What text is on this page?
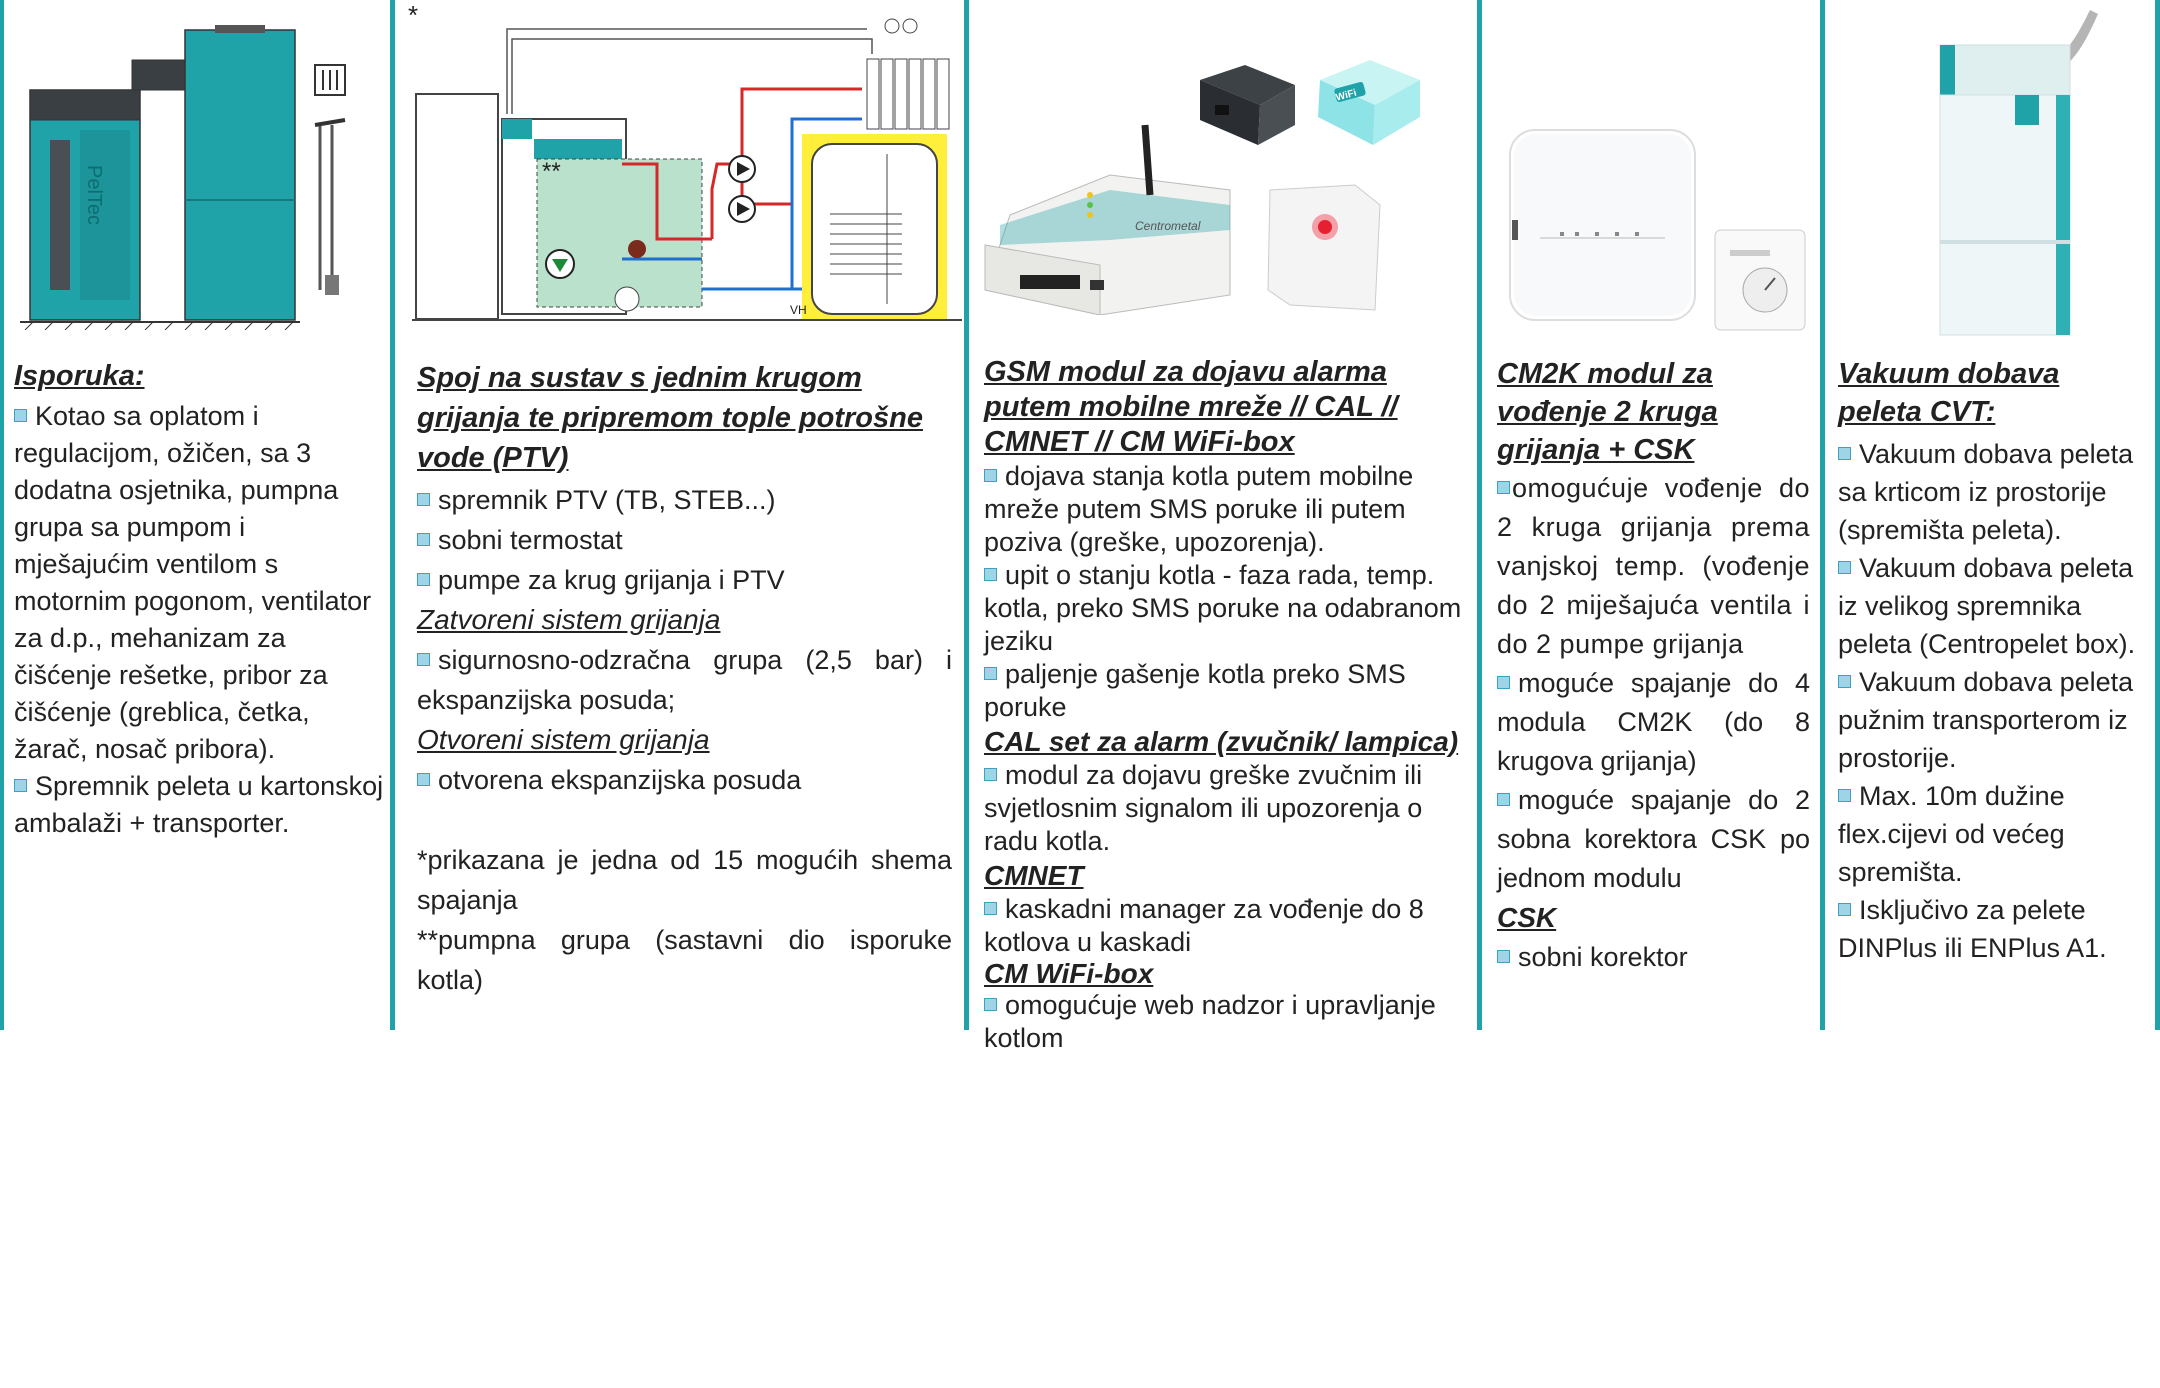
PelTec
Isporuka:

Kotao sa oplatom i regulacijom, ožičen, sa 3 dodatna osjetnika, pumpna grupa sa pumpom i mješajućim ventilom s motornim pogonom, ventilator za d.p., mehanizam za čišćenje rešetke, pribor za čišćenje (greblica, četka, žarač, nosač pribora).

Spremnik peleta u kartonskoj ambalaži + transporter.

*
**
VH
Spoj na sustav s jednim krugom grijanja te pripremom tople potrošne vode (PTV)

spremnik PTV (TB, STEB...)

sobni termostat

pumpe za krug grijanja i PTV

Zatvoreni sistem grijanja

sigurnosno-odzračna grupa (2,5 bar) i ekspanzijska posuda;

Otvoreni sistem grijanja

otvorena ekspanzijska posuda

*prikazana je jedna od 15 mogućih shema spajanja

**pumpna grupa (sastavni dio isporuke kotla)

Centrometal
WiFi
GSM modul za dojavu alarma putem mobilne mreže // CAL // CMNET // CM WiFi-box

dojava stanja kotla putem mobilne mreže putem SMS poruke ili putem poziva (greške, upozorenja).

upit o stanju kotla - faza rada, temp. kotla, preko SMS poruke na odabranom jeziku

paljenje gašenje kotla preko SMS poruke

CAL set za alarm (zvučnik/ lampica)

modul za dojavu greške zvučnim ili svjetlosnim signalom ili upozorenja o radu kotla.

CMNET

kaskadni manager za vođenje do 8 kotlova u kaskadi

CM WiFi-box

omogućuje web nadzor i upravljanje kotlom

CM2K modul za vođenje 2 kruga grijanja + CSK

omogućuje vođenje do 2 kruga grijanja prema vanjskoj temp. (vođenje do 2 miješajuća ventila i do 2 pumpe grijanja

moguće spajanje do 4 modula CM2K (do 8 krugova grijanja)

moguće spajanje do 2 sobna korektora CSK po jednom modulu

CSK

sobni korektor

Vakuum dobava peleta CVT:

Vakuum dobava peleta sa krticom iz prostorije (spremišta peleta).

Vakuum dobava peleta iz velikog spremnika peleta (Centropelet box).

Vakuum dobava peleta pužnim transporterom iz prostorije.

Max. 10m dužine flex.cijevi od većeg spremišta.

Isključivo za pelete DINPlus ili ENPlus A1.
